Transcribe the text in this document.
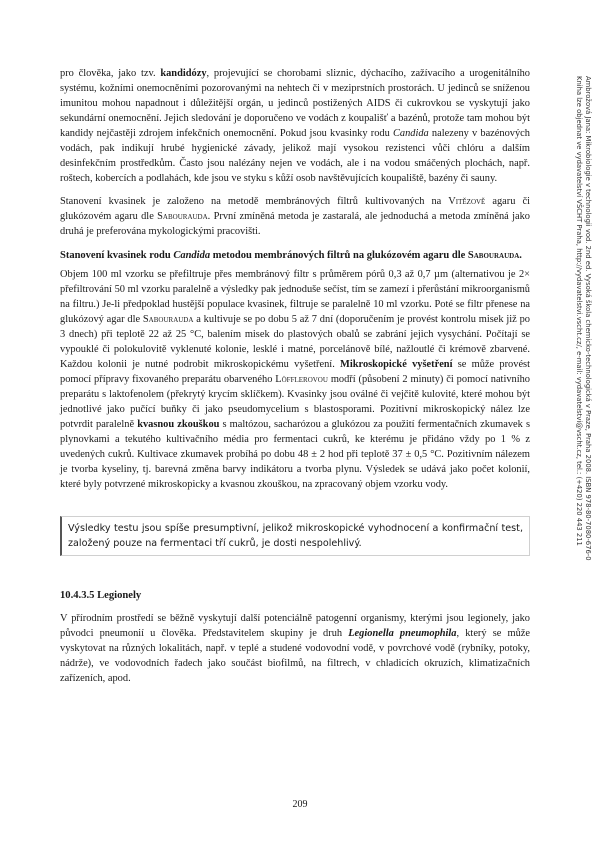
pro člověka, jako tzv. kandidózy, projevující se chorobami sliznic, dýchacího, zažívacího a urogenitálního systému, kožními onemocněními pozorovanými na nehtech či v meziprstních prostorách. U jedinců se sníženou imunitou mohou napadnout i důležitější orgán, u jedinců postižených AIDS či cukrovkou se vyskytují jako sekundární onemocnění. Jejich sledování je doporučeno ve vodách z koupališť a bazénů, protože tam mohou být kandidy nejčastěji zdrojem infekčních onemocnění. Pokud jsou kvasinky rodu Candida nalezeny v bazénových vodách, pak indikují hrubé hygienické závady, jelikož mají vysokou rezistenci vůči chlóru a dalším desinfekčním prostředkům. Často jsou nalézány nejen ve vodách, ale i na vodou smáčených plochách, např. roštech, kobercích a podlahách, kde jsou ve styku s kůží osob navštěvujících koupaliště, bazény či sauny.

Stanovení kvasinek je založeno na metodě membránových filtrů kultivovaných na Vitězově agaru či glukózovém agaru dle Sabourauda. První zmíněná metoda je zastaralá, ale jednoduchá a metoda zmíněná jako druhá je preferována mykologickými pracovišti.

Stanovení kvasinek rodu Candida metodou membránových filtrů na glukózovém agaru dle Sabourauda.

Objem 100 ml vzorku se přefiltruje přes membránový filtr s průměrem pórů 0,3 až 0,7 µm (alternativou je 2× přefiltrování 50 ml vzorku paralelně a výsledky pak jednoduše sečíst, tím se zamezí i přerůstání mikroorganismů na filtru.) Je-li předpoklad hustější populace kvasinek, filtruje se paralelně 10 ml vzorku. Poté se filtr přenese na glukózový agar dle Sabourauda a kultivuje se po dobu 5 až 7 dní (doporučením je provést kontrolu misek již po 3 dnech) při teplotě 22 až 25 °C, balením misek do plastových obalů se zabrání jejich vysychání. Počítají se vypouklé či polokulovitě vyklenuté kolonie, lesklé i matné, porcelánově bílé, nažloutlé či krémově zbarvené. Každou kolonii je nutné podrobit mikroskopickému vyšetření. Mikroskopické vyšetření se může provést pomocí přípravy fixovaného preparátu obarveného Löfflerovou modří (působení 2 minuty) či pomocí nativního preparátu s laktofenolem (překrytý krycím sklíčkem). Kvasinky jsou oválné či vejčitě kulovité, které mohou být jednotlivé jako pučící buňky či jako pseudomycelium s blastosporami. Pozitivní mikroskopický nález lze potvrdit paralelně kvasnou zkouškou s maltózou, sacharózou a glukózou za použití fermentačních zkumavek s plynovkami a tekutého kultivačního média pro fermentaci cukrů, ke kterému je přidáno vždy po 1 % z uvedených cukrů. Kultivace zkumavek probíhá po dobu 48 ± 2 hod při teplotě 37 ± 0,5 °C. Pozitivním nálezem je tvorba kyseliny, tj. barevná změna barvy indikátoru a tvorba plynu. Výsledek se udává jako počet kolonií, které byly potvrzené mikroskopicky a kvasnou zkouškou, na zpracovaný objem vzorku vody.

Výsledky testu jsou spíše presumptivní, jelikož mikroskopické vyhodnocení a konfirmační test, založený pouze na fermentaci tří cukrů, je dosti nespolehlivý.
10.4.3.5 Legionely

V přírodním prostředí se běžně vyskytují další potenciálně patogenní organismy, kterými jsou legionely, jako původci pneumonií u člověka. Představitelem skupiny je druh Legionella pneumophila, který se může vyskytovat na různých lokalitách, např. v teplé a studené vodovodní vodě, v povrchové vodě (rybníky, potoky, nádrže), ve vodovodních řadech jako součást biofilmů, na filtrech, v chladicích okruzích, klimatizačních zařízeních, apod.

209
Ambrožová Jana: Mikrobiologie v technologii vod. 2nd ed. Vysoká škola chemicko-technologická v Praze, Praha 2008. ISBN 978-80-7080-676-0
Kniha lze objednat ve vydavatelství VŠCHT Praha, http://vydavatelstvi.vscht.cz/, e-mail: vydavatelstvi@vscht.cz, tel.: (+420) 220 443 211
